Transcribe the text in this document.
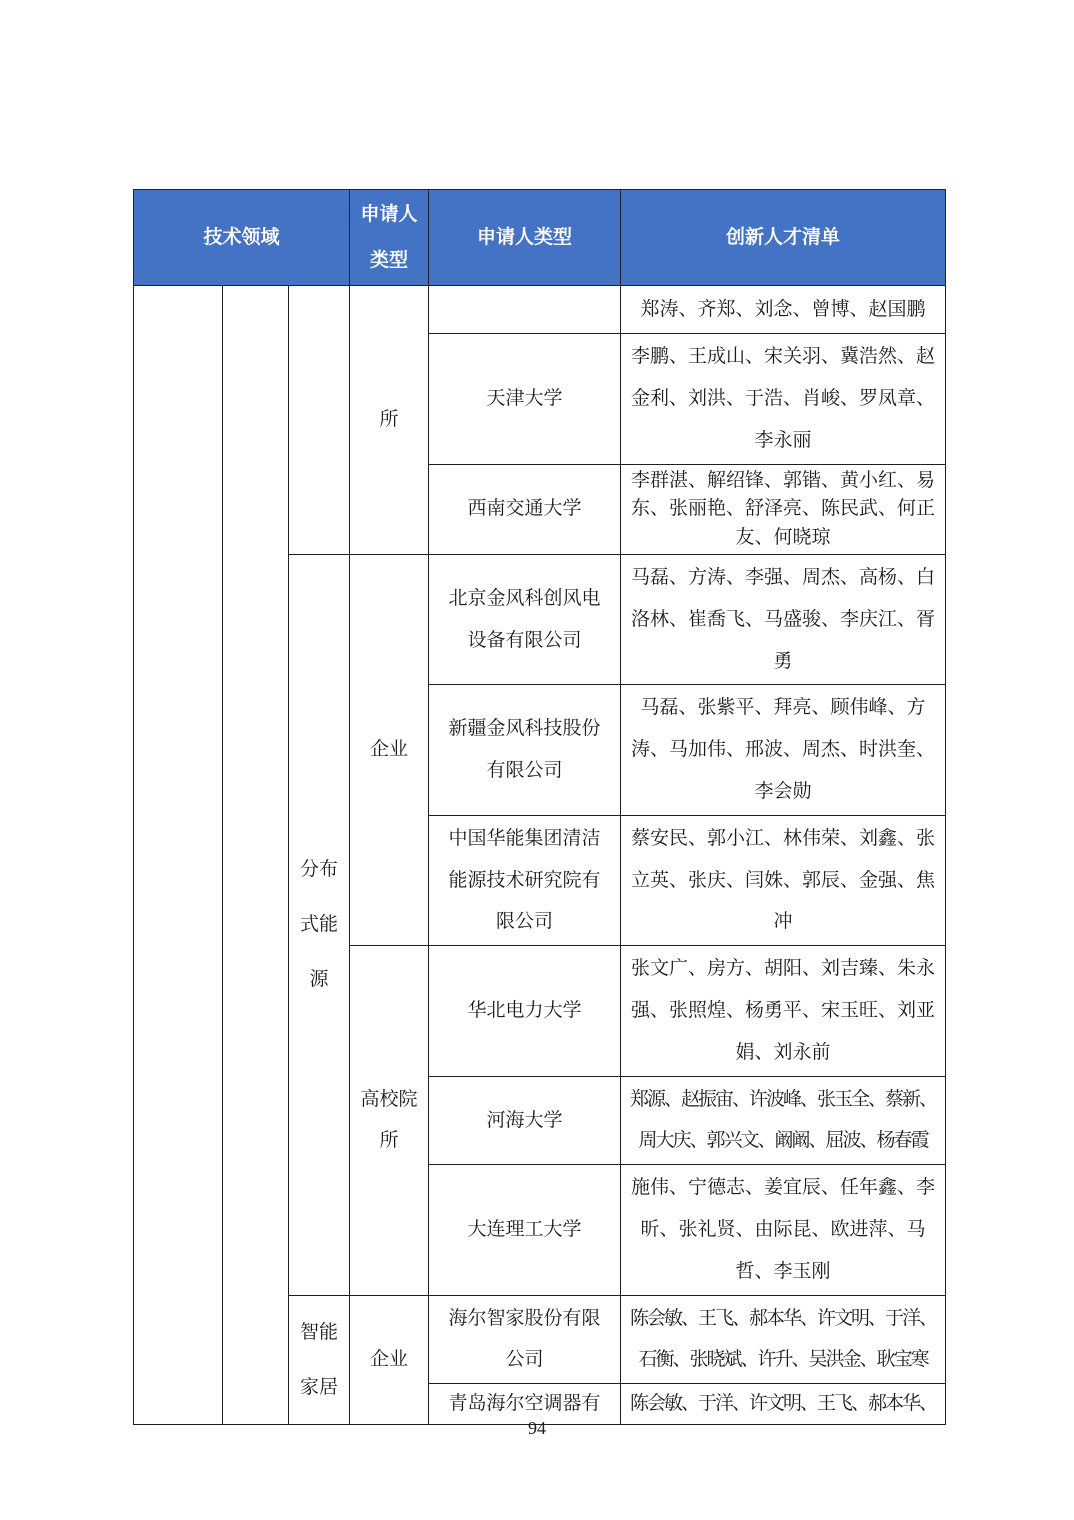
技术领域			申请人类型	申请人类型	创新人才清单
			所		郑涛、齐郑、刘念、曾博、赵国鹏
				天津大学	李鹏、王成山、宋关羽、冀浩然、赵金利、刘洪、于浩、肖峻、罗凤章、李永丽
				西南交通大学	李群湛、解绍锋、郭锴、黄小红、易东、张丽艳、舒泽亮、陈民武、何正友、何晓琼
		分布式能源	企业	北京金风科创风电设备有限公司	马磊、方涛、李强、周杰、高杨、白洛林、崔喬飞、马盛骏、李庆江、胥勇
				新疆金风科技股份有限公司	马磊、张紫平、拜亮、顾伟峰、方涛、马加伟、邢波、周杰、时洪奎、李会勋
				中国华能集团清洁能源技术研究院有限公司	蔡安民、郭小江、林伟荣、刘鑫、张立英、张庆、闫姝、郭辰、金强、焦冲
			高校院所	华北电力大学	张文广、房方、胡阳、刘吉臻、朱永强、张照煌、杨勇平、宋玉旺、刘亚娟、刘永前
				河海大学	郑源、赵振宙、许波峰、张玉全、蔡新、周大庆、郭兴文、阚阚、屈波、杨春霞
				大连理工大学	施伟、宁德志、姜宜辰、任年鑫、李昕、张礼贤、由际昆、欧进萍、马哲、李玉刚
		智能家居	企业	海尔智家股份有限公司	陈会敏、王飞、郝本华、许文明、于洋、石衡、张晓斌、许升、吴洪金、耿宝寒
				青岛海尔空调器有	陈会敏、于洋、许文明、王飞、郝本华、
94
